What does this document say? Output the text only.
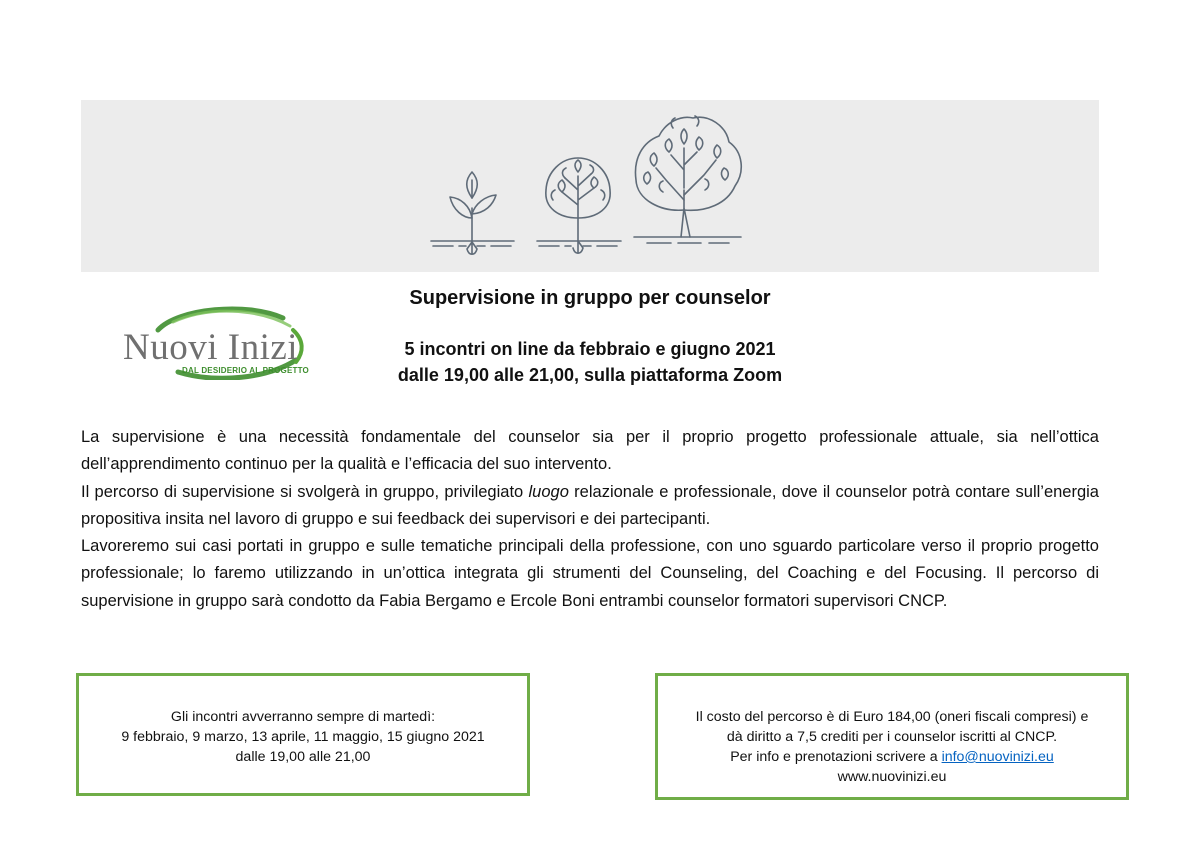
Nuovi Inizi
DAL DESIDERIO AL PROGETTO
Supervisione in gruppo per counselor
5 incontri on line da febbraio e giugno 2021
dalle 19,00 alle 21,00, sulla piattaforma Zoom

La supervisione è una necessità fondamentale del counselor sia per il proprio progetto professionale attuale, sia nell’ottica dell’apprendimento continuo per la qualità e l’efficacia del suo intervento.

Il percorso di supervisione si svolgerà in gruppo, privilegiato luogo relazionale e professionale, dove il counselor potrà contare sull’energia propositiva insita nel lavoro di gruppo e sui feedback dei supervisori e dei partecipanti.

Lavoreremo sui casi portati in gruppo e sulle tematiche principali della professione, con uno sguardo particolare verso il proprio progetto professionale; lo faremo utilizzando in un’ottica integrata gli strumenti del Counseling, del Coaching e del Focusing. Il percorso di supervisione in gruppo sarà condotto da Fabia Bergamo e Ercole Boni entrambi counselor formatori supervisori CNCP.

Gli incontri avverranno sempre di martedì:
9 febbraio, 9 marzo, 13 aprile, 11 maggio, 15 giugno 2021
dalle 19,00 alle 21,00
Il costo del percorso è di Euro 184,00 (oneri fiscali compresi) e
dà diritto a 7,5 crediti per i counselor iscritti al CNCP.
Per info e prenotazioni scrivere a info@nuovinizi.eu
www.nuovinizi.eu
